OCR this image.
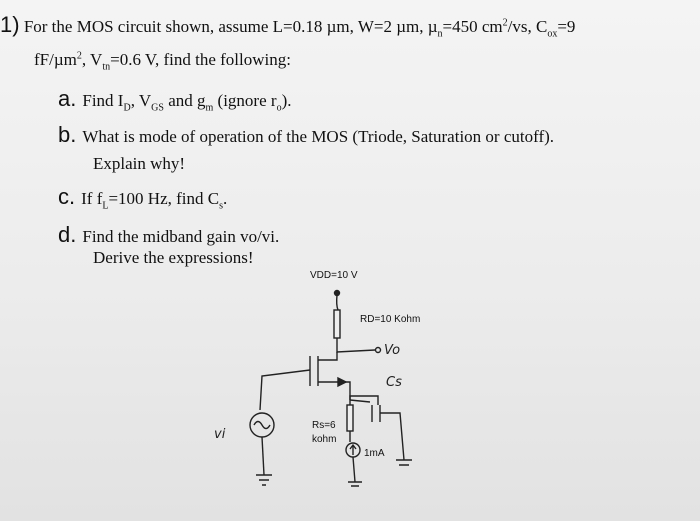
1) For the MOS circuit shown, assume L=0.18 µm, W=2 µm, µ$_n$=450 $cm^2/vs$, $C_{ox}=9$
fF/µm$^2$, $V_{tn}=0.6$ V, find the following:
a. Find $I_D$, $V_{GS}$ and $g_m$ (ignore $r_o$).
b. What is mode of operation of the MOS (Triode, Saturation or cutoff).
Explain why!
c. If $f_L=100$ Hz, find $C_s$.
d. Find the midband gain vo/vi.
Derive the expressions!
VDD=10 V
RD=10 Kohm
Vo
Cs
Rs=6
kohm
1mA
vi
